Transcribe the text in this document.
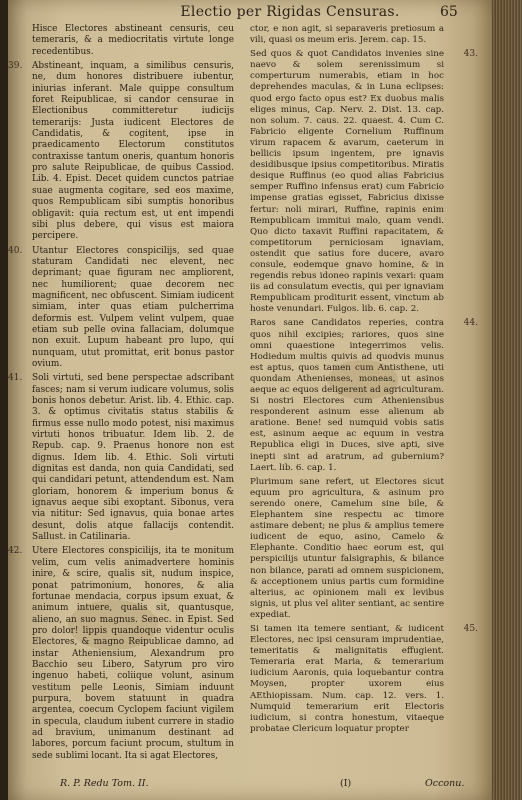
Electio per Rigidas Censuras.	65

Hisce Electores abstineant censuris, ceu temeraris, & a mediocritatis virtute longe recedentibus.

39. Abstineant, inquam, a similibus censuris, ne, dum honores distribuere iubentur, iniurias inferant. Male quippe consultum foret Reipublicae, si candor censurae in Electionibus committeretur iudicijs temerarijs: Justa iudicent Electores de Candidatis, & cogitent, ipse in praedicamento Electorum constitutos contraxisse tantum oneris, quantum honoris pro salute Reipublicae, de quibus Cassiod. Lib. 4. Epist. Decet quidem cunctos patriae suae augmenta cogitare, sed eos maxime, quos Rempublicam sibi sumptis honoribus obligavit: quia rectum est, ut ent impendi sibi plus debere, qui visus est maiora percipere.

40. Utantur Electores conspicilijs, sed quae staturam Candidati nec elevent, nec deprimant; quae figuram nec ampliorent, nec humiliorent; quae decorem nec magnificent, nec obfuscent. Simiam iudicent simiam, inter quas etiam pulcherrima deformis est. Vulpem velint vulpem, quae etiam sub pelle ovina fallaciam, dolumque non exuit. Lupum habeant pro lupo, qui nunquam, utut promittat, erit bonus pastor ovium.

41. Soli virtuti, sed bene perspectae adscribant fasces; nam si verum iudicare volumus, solis bonis honos debetur. Arist. lib. 4. Ethic. cap. 3. & optimus civitatis status stabilis & firmus esse nullo modo potest, nisi maximus virtuti honos tribuatur. Idem lib. 2. de Repub. cap. 9. Praenus honore non est dignus. Idem lib. 4. Ethic. Soli virtuti dignitas est danda, non quia Candidati, sed qui candidari petunt, attendendum est. Nam gloriam, honorem & imperium bonus & ignavus aeque sibi exoptant. Sibonus, vera via nititur: Sed ignavus, quia bonae artes desunt, dolis atque fallacijs contendit. Sallust. in Catilinaria.

42. Utere Electores conspicilijs, ita te monitum velim, cum velis animadvertere hominis inire, & scire, qualis sit, nudum inspice, ponat patrimonium, honores, & alia fortunae mendacia, corpus ipsum exuat, & animum intuere, qualis sit, quantusque, alieno, an suo magnus. Senec. in Epist. Sed pro dolor! lippis quandoque videntur oculis Electores, & magno Reipublicae damno, ad instar Atheniensium, Alexandrum pro Bacchio seu Libero, Satyrum pro viro ingenuo habeti, coliique volunt, asinum vestitum pelle Leonis, Simiam induunt purpura, bovem statuunt in quadra argentea, coecum Cyclopem faciunt vigilem in specula, claudum iubent currere in stadio ad bravium, unimanum destinant ad labores, porcum faciunt procum, stultum in sede sublimi locant. Ita si agat Electores,

ctor, e non agit, si separaveris pretiosum a vili, quasi os meum eris. Jerem. cap. 15.

43.
Sed quos & quot Candidatos invenies sine naevo & solem serenissimum si comperturum numerabis, etiam in hoc deprehendes maculas, & in Luna eclipses: quod ergo facto opus est? Ex duobus malis eliges minus, Cap. Nerv. 2. Dist. 13. cap. non solum. 7. caus. 22. quaest. 4. Cum C. Fabricio eligente Cornelium Ruffinum virum rapacem & avarum, caeterum in bellicis ipsum ingentem, pre ignavis desidibusque ipsius competitoribus. Miratis desique Ruffinus (eo quod alias Fabricius semper Ruffino infensus erat) cum Fabricio impense gratias egisset, Fabricius dixisse fertur: noli mirari, Ruffine, rapinis enim Rempublicam immitui malo, quam vendi. Quo dicto taxavit Ruffini rapacitatem, & competitorum perniciosam ignaviam, ostendit que satius fore ducere, avaro consule, eodemque gnavo homine, & in regendis rebus idoneo rapinis vexari: quam iis ad consulatum evectis, qui per ignaviam Rempublicam proditurit essent, vinctum ab hoste venundari. Fulgos. lib. 6. cap. 2.

44.
Raros sane Candidatos reperies, contra quos nihil excipies; rariores, quos sine omni quaestione integerrimos velis. Hodiedum multis quivis ad quodvis munus est aptus, quos tamen cum Antisthene, uti quondam Athenienses, moneas, ut asinos aeque ac equos deligerent ad agriculturam. Si nostri Electores cum Atheniensibus responderent asinum esse alienum ab aratione. Bene! sed numquid vobis satis est, asinum aeque ac equum in vestra Republica eligi in Duces, sive apti, sive inepti sint ad aratrum, ad gubernium? Laert. lib. 6. cap. 1.

Plurimum sane refert, ut Electores sicut equum pro agricultura, & asinum pro serendo onere, Camelum sine bile, & Elephantem sine respectu ac timore astimare debent; ne plus & amplius temere iudicent de equo, asino, Camelo & Elephante. Conditio haec eorum est, qui perspicilijs utuntur falsigraphis, & bilance non bilance, parati ad omnem suspicionem, & acceptionem unius partis cum formidine alterius, ac opinionem mali ex levibus signis, ut plus vel aliter sentiant, ac sentire expediat.

45.
Si tamen ita temere sentiant, & iudicent Electores, nec ipsi censuram imprudentiae, temeritatis & malignitatis effugient. Temeraria erat Maria, & temerarium iudicium Aaronis, quia loquebantur contra Moysen, propter uxorem eius AEthiopissam. Num. cap. 12. vers. 1. Numquid temerarium erit Electoris iudicium, si contra honestum, vitaeque probatae Clericum loquatur propter

R. P. Redu Tom. II.	(I)	Occonu.
